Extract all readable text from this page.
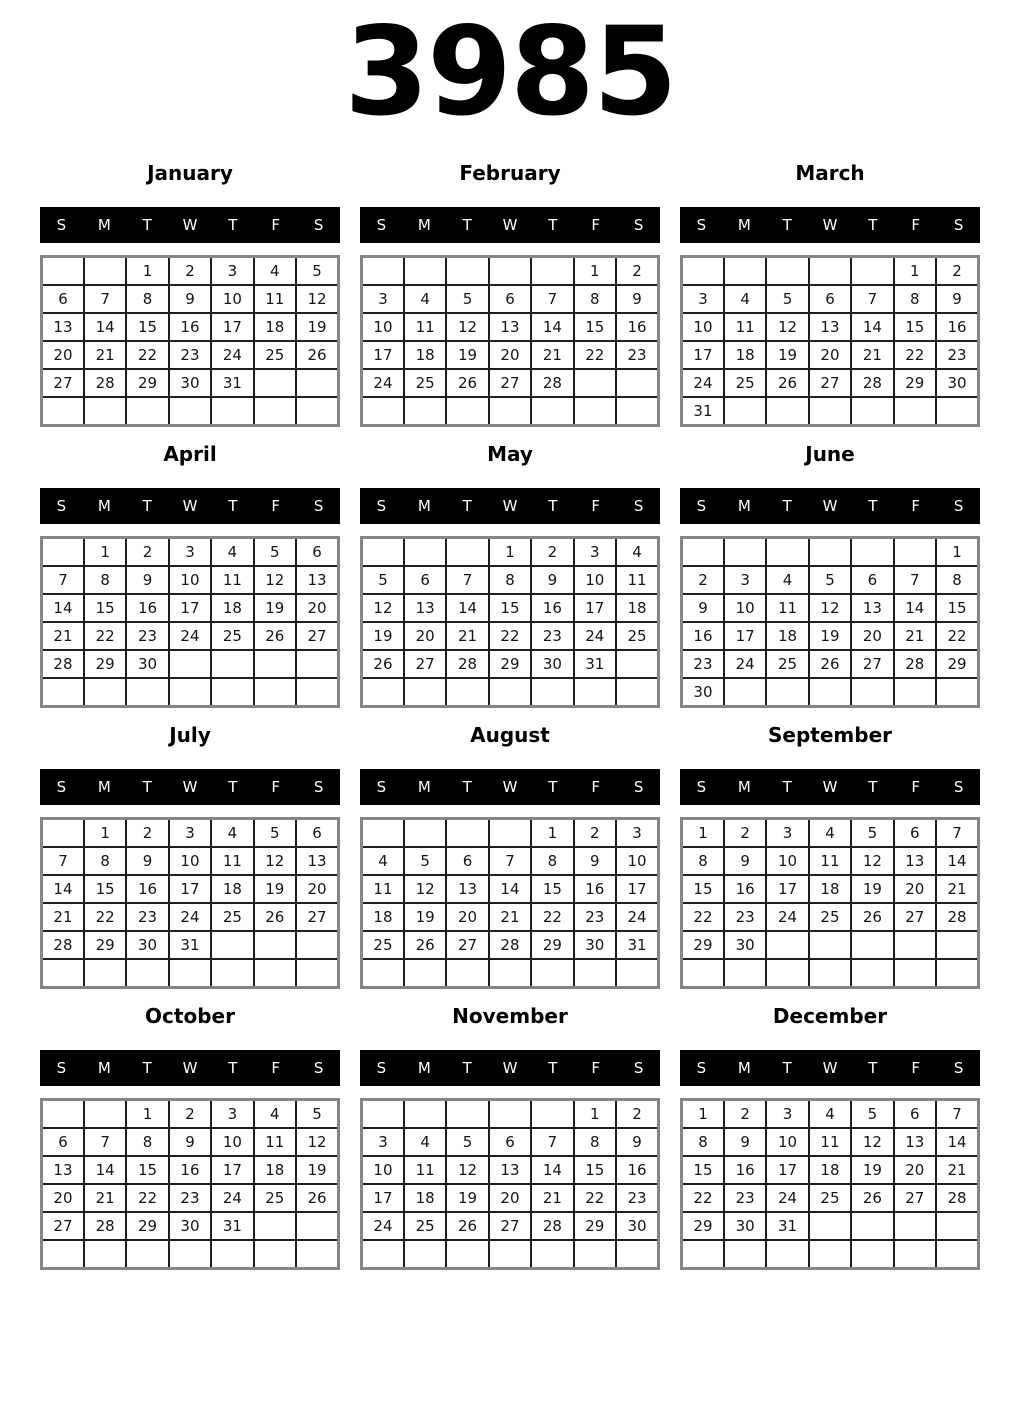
3985
January
S	M	T	W	T	F	S
		1	2	3	4	5
6	7	8	9	10	11	12
13	14	15	16	17	18	19
20	21	22	23	24	25	26
27	28	29	30	31		

February
S	M	T	W	T	F	S
					1	2
3	4	5	6	7	8	9
10	11	12	13	14	15	16
17	18	19	20	21	22	23
24	25	26	27	28		

March
S	M	T	W	T	F	S
					1	2
3	4	5	6	7	8	9
10	11	12	13	14	15	16
17	18	19	20	21	22	23
24	25	26	27	28	29	30
31						
April
S	M	T	W	T	F	S
	1	2	3	4	5	6
7	8	9	10	11	12	13
14	15	16	17	18	19	20
21	22	23	24	25	26	27
28	29	30				

May
S	M	T	W	T	F	S
			1	2	3	4
5	6	7	8	9	10	11
12	13	14	15	16	17	18
19	20	21	22	23	24	25
26	27	28	29	30	31	

June
S	M	T	W	T	F	S
						1
2	3	4	5	6	7	8
9	10	11	12	13	14	15
16	17	18	19	20	21	22
23	24	25	26	27	28	29
30						
July
S	M	T	W	T	F	S
	1	2	3	4	5	6
7	8	9	10	11	12	13
14	15	16	17	18	19	20
21	22	23	24	25	26	27
28	29	30	31			

August
S	M	T	W	T	F	S
				1	2	3
4	5	6	7	8	9	10
11	12	13	14	15	16	17
18	19	20	21	22	23	24
25	26	27	28	29	30	31

September
S	M	T	W	T	F	S
1	2	3	4	5	6	7
8	9	10	11	12	13	14
15	16	17	18	19	20	21
22	23	24	25	26	27	28
29	30					

October
S	M	T	W	T	F	S
		1	2	3	4	5
6	7	8	9	10	11	12
13	14	15	16	17	18	19
20	21	22	23	24	25	26
27	28	29	30	31		

November
S	M	T	W	T	F	S
					1	2
3	4	5	6	7	8	9
10	11	12	13	14	15	16
17	18	19	20	21	22	23
24	25	26	27	28	29	30

December
S	M	T	W	T	F	S
1	2	3	4	5	6	7
8	9	10	11	12	13	14
15	16	17	18	19	20	21
22	23	24	25	26	27	28
29	30	31				
